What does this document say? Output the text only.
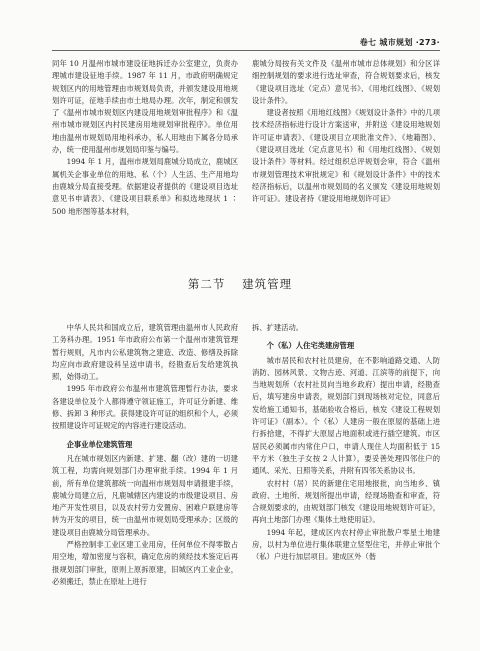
卷七 城市规划 ·273·

同年 10 月温州市城市建设征地拆迁办公室建立，负责办理城市建设征地手续。1987 年 11 月，市政府明确规定规划区内的用地管理由市规划局负责，并颁发建设用地规划许可证，征地手续由市土地局办理。次年，制定和颁发了《温州市城市规划区内建设用地规划审批程序》和《温州市城市规划区内村民建房用地规划审批程序》。单位用地由温州市规划局用地科承办，私人用地由下属各分局承办，统一使用温州市规划局印鉴与编号。

1994 年 1 月，温州市规划局鹿城分局成立，鹿城区属机关企事业单位的用地、私（个）人生活、生产用地均由鹿城分局直接受理。依据建设者提供的《建设项目选址意见书申请表》、《建设项目联系单》和拟选地现状 1 ∶ 500 地形图等基本材料，

鹿城分局按有关文件及《温州市城市总体规划》和分区详细控制规划的要求进行选址审查，符合规划要求后，核发《建设项目选址（定点）意见书》、《用地红线图》、《规划设计条件》。

建设者按照《用地红线图》《规划设计条件》中的几项技术经济指标进行设计方案送审，并附送《建设用地规划许可证申请表》、《建设项目立项批准文件》、《地籍图》、《建设项目选址（定点意见书）和《用地红线图》、《规划设计条件》等材料。经过组织总评规划会审，符合《温州市规划管理技术审批规定》和《规划设计条件》中的技术经济指标后，以温州市规划局的名义颁发《建设用地规划许可证》。建设者持《建设用地规划许可证》

第二节 建筑管理

中华人民共和国成立后，建筑管理由温州市人民政府工务科办理。1951 年市政府公布第一个温州市建筑管理暂行规则，凡市内公私建筑物之建造、改造、修缮及拆除均应向市政府建设科呈送申请书，经勘查后发给建筑执照，始得动工。

1995 年市政府公布温州市建筑管理暂行办法，要求各建设单位及个人都得遵守领证施工，许可证分新建、维修、拆卸 3 种形式。获得建设许可证的组织和个人，必须按照建设许可证规定的内容进行建设活动。

企事业单位建筑管理

凡在城市规划区内新建、扩建、翻（改）建的一切建筑工程，均需向规划部门办理审批手续。1994 年 1 月前，所有单位建筑都统一向温州市规划局申请报建手续，鹿城分局建立后，凡鹿城辖区内建设的市级建设项目、房地产开发性项目，以及农村劳力安置房、困难户联建房等转为开发的项目，统一由温州市规划局受理承办；区级的建设项目由鹿城分局管理承办。

严格控制非工业区建工业用房，任何单位不得零散占用空地，增加密度与容积，确定危房的须经技术鉴定后再报规划部门审批，原则上原拆原建，旧城区内工业企业，必须搬迁，禁止在原址上进行

拆、扩建活动。

个（私）人住宅类建房管理

城市居民和农村社员建房，在不影响道路交通、人防消防、园林风景、文物古迹、河道、江滨等的前提下，向当地规划所（农村社员向当地乡政府）提出申请，经勘查后，填写建房申请表，规划部门到现场核对定位，同意后发给施工通知书，基础验收合格后，核发《建设工程规划许可证》（副本）。个（私）人建房一般在原屋的基础上进行拆拾建，不得扩大原屋占地面积或进行插空建筑。市区居民必须属市内常住户口，申请人现住人均面积低于 15 平方米（独生子女按 2 人计算），要妥善处理四邻住户的通风、采光、日照等关系，并附有四邻关系协议书。

农村村（居）民的新建住宅用地报批，向当地乡、镇政府、土地所、规划所提出申请，经现场勘查和审查，符合规划要求的，由规划部门核发《建设用地规划许可证》，再向土地部门办理《集体土地使用证》。

1994 年起，建成区内农村停止审批散户零星土地建房，以村为单位进行集体联建立竖型住宅，并停止审批个（私）户进行加层项目。建成区外（偕
